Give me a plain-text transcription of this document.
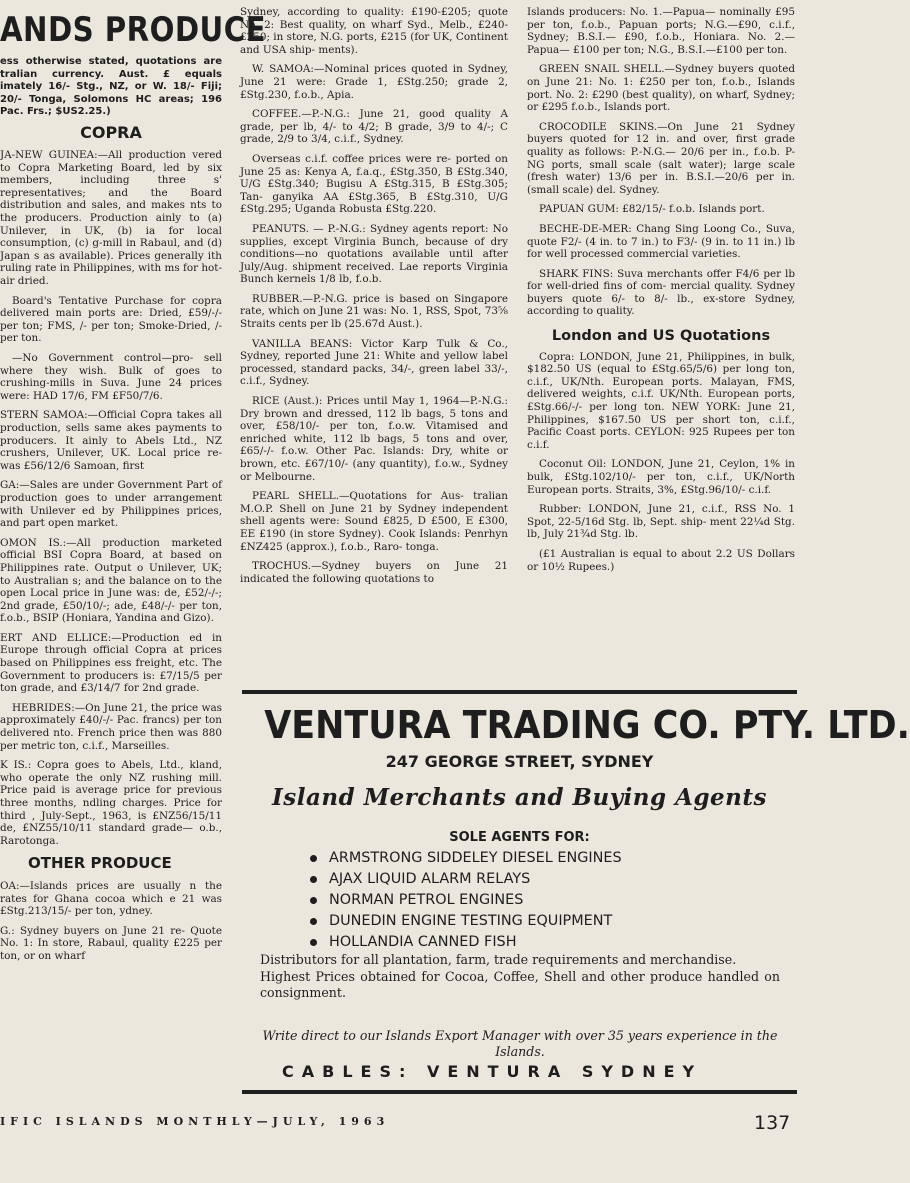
ANDS PRODUCE

ess otherwise stated, quotations are tralian currency. Aust. £ equals imately 16/- Stg., NZ, or W. 18/- Fiji; 20/- Tonga, Solomons HC areas; 196 Pac. Frs.; $US2.25.)

COPRA

JA-NEW GUINEA:—All production vered to Copra Marketing Board, led by six members, including three s' representatives; and the Board distribution and sales, and makes nts to the producers. Production ainly to (a) Unilever, in UK, (b) ia for local consumption, (c) g-mill in Rabaul, and (d) Japan s as available). Prices generally ith ruling rate in Philippines, with ms for hot-air dried.

Board's Tentative Purchase for copra delivered main ports are: Dried, £59/-/- per ton; FMS, /- per ton; Smoke-Dried, /- per ton.

—No Government control—pro- sell where they wish. Bulk of goes to crushing-mills in Suva. June 24 prices were: HAD 17/6, FM £F50/7/6.

STERN SAMOA:—Official Copra takes all production, sells same akes payments to producers. It ainly to Abels Ltd., NZ crushers, Unilever, UK. Local price re- was £56/12/6 Samoan, first

GA:—Sales are under Government Part of production goes to under arrangement with Unilever ed by Philippines prices, and part open market.

OMON IS.:—All production marketed official BSI Copra Board, at based on Philippines rate. Output o Unilever, UK; to Australian s; and the balance on to the open Local price in June was: de, £52/-/-; 2nd grade, £50/10/-; ade, £48/-/- per ton, f.o.b., BSIP (Honiara, Yandina and Gizo).

ERT AND ELLICE:—Production ed in Europe through official Copra at prices based on Philippines ess freight, etc. The Government to producers is: £7/15/5 per ton grade, and £3/14/7 for 2nd grade.

HEBRIDES:—On June 21, the price was approximately £40/-/- Pac. francs) per ton delivered nto. French price then was 880 per metric ton, c.i.f., Marseilles.

K IS.: Copra goes to Abels, Ltd., kland, who operate the only NZ rushing mill. Price paid is average price for previous three months, ndling charges. Price for third , July-Sept., 1963, is £NZ56/15/11 de, £NZ55/10/11 standard grade— o.b., Rarotonga.

OTHER PRODUCE

OA:—Islands prices are usually n the rates for Ghana cocoa which e 21 was £Stg.213/15/- per ton, ydney.

G.: Sydney buyers on June 21 re- Quote No. 1: In store, Rabaul, quality £225 per ton, or on wharf

Sydney, according to quality: £190-£205; quote No. 2: Best quality, on wharf Syd., Melb., £240-£250; in store, N.G. ports, £215 (for UK, Continent and USA ship- ments).

W. SAMOA:—Nominal prices quoted in Sydney, June 21 were: Grade 1, £Stg.250; grade 2, £Stg.230, f.o.b., Apia.

COFFEE.—P.-N.G.: June 21, good quality A grade, per lb, 4/- to 4/2; B grade, 3/9 to 4/-; C grade, 2/9 to 3/4, c.i.f., Sydney.

Overseas c.i.f. coffee prices were re- ported on June 25 as: Kenya A, f.a.q., £Stg.350, B £Stg.340, U/G £Stg.340; Bugisu A £Stg.315, B £Stg.305; Tan- ganyika AA £Stg.365, B £Stg.310, U/G £Stg.295; Uganda Robusta £Stg.220.

PEANUTS. — P.-N.G.: Sydney agents report: No supplies, except Virginia Bunch, because of dry conditions—no quotations available until after July/Aug. shipment received. Lae reports Virginia Bunch kernels 1/8 lb, f.o.b.

RUBBER.—P.-N.G. price is based on Singapore rate, which on June 21 was: No. 1, RSS, Spot, 73⅝ Straits cents per lb (25.67d Aust.).

VANILLA BEANS: Victor Karp Tulk & Co., Sydney, reported June 21: White and yellow label processed, standard packs, 34/-, green label 33/-, c.i.f., Sydney.

RICE (Aust.): Prices until May 1, 1964—P.-N.G.: Dry brown and dressed, 112 lb bags, 5 tons and over, £58/10/- per ton, f.o.w. Vitamised and enriched white, 112 lb bags, 5 tons and over, £65/-/- f.o.w. Other Pac. Islands: Dry, white or brown, etc. £67/10/- (any quantity), f.o.w., Sydney or Melbourne.

PEARL SHELL.—Quotations for Aus- tralian M.O.P. Shell on June 21 by Sydney independent shell agents were: Sound £825, D £500, E £300, EE £190 (in store Sydney). Cook Islands: Penrhyn £NZ425 (approx.), f.o.b., Raro- tonga.

TROCHUS.—Sydney buyers on June 21 indicated the following quotations to

Islands producers: No. 1.—Papua— nominally £95 per ton, f.o.b., Papuan ports; N.G.—£90, c.i.f., Sydney; B.S.I.— £90, f.o.b., Honiara. No. 2.—Papua— £100 per ton; N.G., B.S.I.—£100 per ton.

GREEN SNAIL SHELL.—Sydney buyers quoted on June 21: No. 1: £250 per ton, f.o.b., Islands port. No. 2: £290 (best quality), on wharf, Sydney; or £295 f.o.b., Islands port.

CROCODILE SKINS.—On June 21 Sydney buyers quoted for 12 in. and over, first grade quality as follows: P.-N.G.— 20/6 per in., f.o.b. P-NG ports, small scale (salt water); large scale (fresh water) 13/6 per in. B.S.I.—20/6 per in. (small scale) del. Sydney.

PAPUAN GUM: £82/15/- f.o.b. Islands port.

BECHE-DE-MER: Chang Sing Loong Co., Suva, quote F2/- (4 in. to 7 in.) to F3/- (9 in. to 11 in.) lb for well processed commercial varieties.

SHARK FINS: Suva merchants offer F4/6 per lb for well-dried fins of com- mercial quality. Sydney buyers quote 6/- to 8/- lb., ex-store Sydney, according to quality.

London and US Quotations

Copra: LONDON, June 21, Philippines, in bulk, $182.50 US (equal to £Stg.65/5/6) per long ton, c.i.f., UK/Nth. European ports. Malayan, FMS, delivered weights, c.i.f. UK/Nth. European ports, £Stg.66/-/- per long ton. NEW YORK: June 21, Philippines, $167.50 US per short ton, c.i.f., Pacific Coast ports. CEYLON: 925 Rupees per ton c.i.f.

Coconut Oil: LONDON, June 21, Ceylon, 1% in bulk, £Stg.102/10/- per ton, c.i.f., UK/North European ports. Straits, 3%, £Stg.96/10/- c.i.f.

Rubber: LONDON, June 21, c.i.f., RSS No. 1 Spot, 22-5/16d Stg. lb, Sept. ship- ment 22¼d Stg. lb, July 21¾d Stg. lb.

(£1 Australian is equal to about 2.2 US Dollars or 10½ Rupees.)

VENTURA TRADING CO. PTY. LTD.
247 GEORGE STREET, SYDNEY
Island Merchants and Buying Agents
SOLE AGENTS FOR:
ARMSTRONG SIDDELEY DIESEL ENGINES
AJAX LIQUID ALARM RELAYS
NORMAN PETROL ENGINES
DUNEDIN ENGINE TESTING EQUIPMENT
HOLLANDIA CANNED FISH
Distributors for all plantation, farm, trade requirements and merchandise.
Highest Prices obtained for Cocoa, Coffee, Shell and other produce handled on consignment.
Write direct to our Islands Export Manager with over 35 years experience in the Islands.
CABLES: VENTURA SYDNEY
IFIC ISLANDS MONTHLY—JULY, 1963	137
